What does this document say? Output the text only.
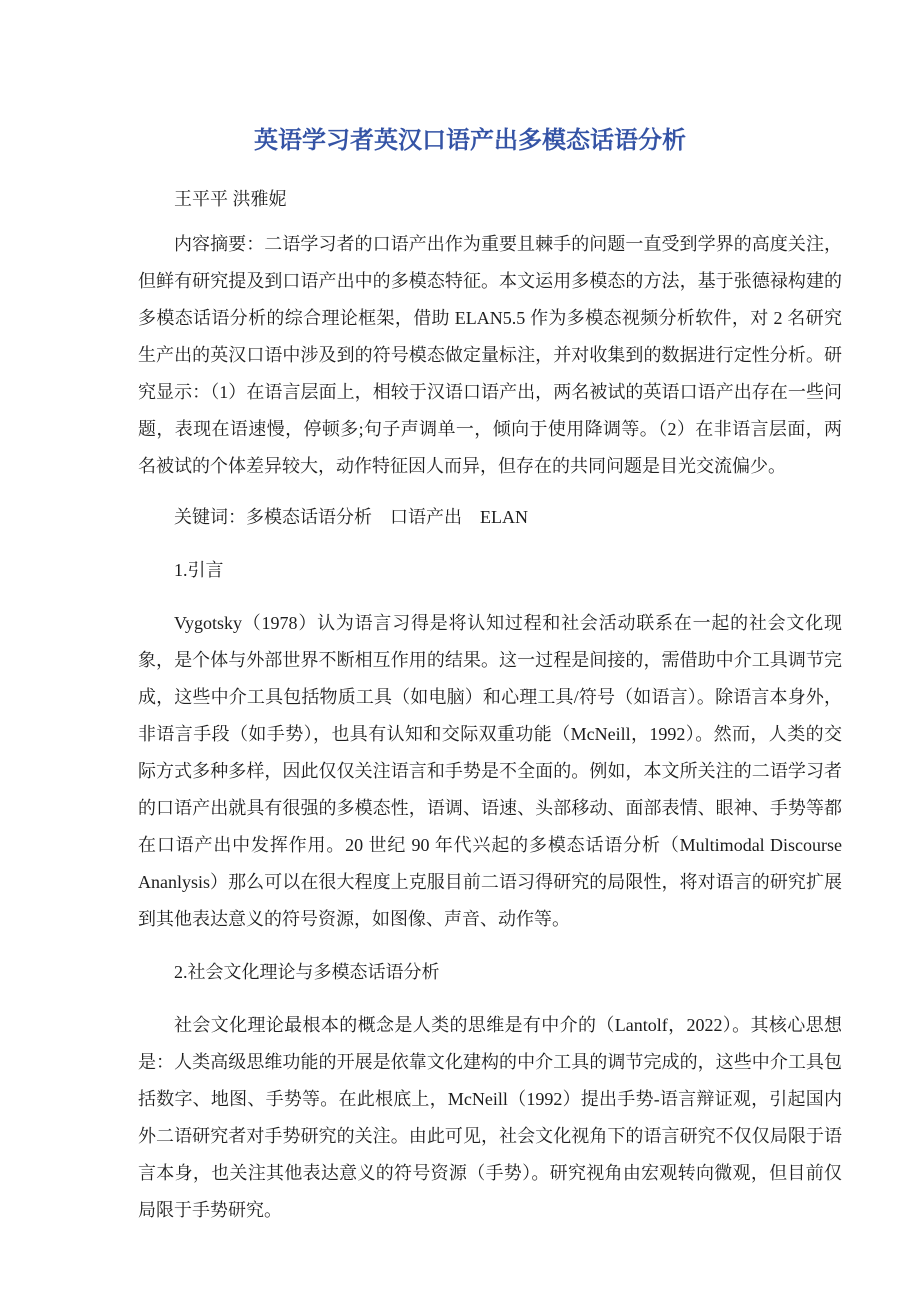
英语学习者英汉口语产出多模态话语分析

王平平 洪雅妮

内容摘要：二语学习者的口语产出作为重要且棘手的问题一直受到学界的高度关注，但鲜有研究提及到口语产出中的多模态特征。本文运用多模态的方法，基于张德禄构建的多模态话语分析的综合理论框架，借助 ELAN5.5 作为多模态视频分析软件，对 2 名研究生产出的英汉口语中涉及到的符号模态做定量标注，并对收集到的数据进行定性分析。研究显示：（1）在语言层面上，相较于汉语口语产出，两名被试的英语口语产出存在一些问题，表现在语速慢，停顿多;句子声调单一，倾向于使用降调等。（2）在非语言层面，两名被试的个体差异较大，动作特征因人而异，但存在的共同问题是目光交流偏少。

关键词：多模态话语分析　口语产出　ELAN

1.引言

Vygotsky（1978）认为语言习得是将认知过程和社会活动联系在一起的社会文化现象，是个体与外部世界不断相互作用的结果。这一过程是间接的，需借助中介工具调节完成，这些中介工具包括物质工具（如电脑）和心理工具/符号（如语言）。除语言本身外，非语言手段（如手势），也具有认知和交际双重功能（McNeill，1992）。然而，人类的交际方式多种多样，因此仅仅关注语言和手势是不全面的。例如，本文所关注的二语学习者的口语产出就具有很强的多模态性，语调、语速、头部移动、面部表情、眼神、手势等都在口语产出中发挥作用。20 世纪 90 年代兴起的多模态话语分析（Multimodal Discourse Ananlysis）那么可以在很大程度上克服目前二语习得研究的局限性，将对语言的研究扩展到其他表达意义的符号资源，如图像、声音、动作等。

2.社会文化理论与多模态话语分析

社会文化理论最根本的概念是人类的思维是有中介的（Lantolf，2022）。其核心思想是：人类高级思维功能的开展是依靠文化建构的中介工具的调节完成的，这些中介工具包括数字、地图、手势等。在此根底上，McNeill（1992）提出手势-语言辩证观，引起国内外二语研究者对手势研究的关注。由此可见，社会文化视角下的语言研究不仅仅局限于语言本身，也关注其他表达意义的符号资源（手势）。研究视角由宏观转向微观，但目前仅局限于手势研究。
